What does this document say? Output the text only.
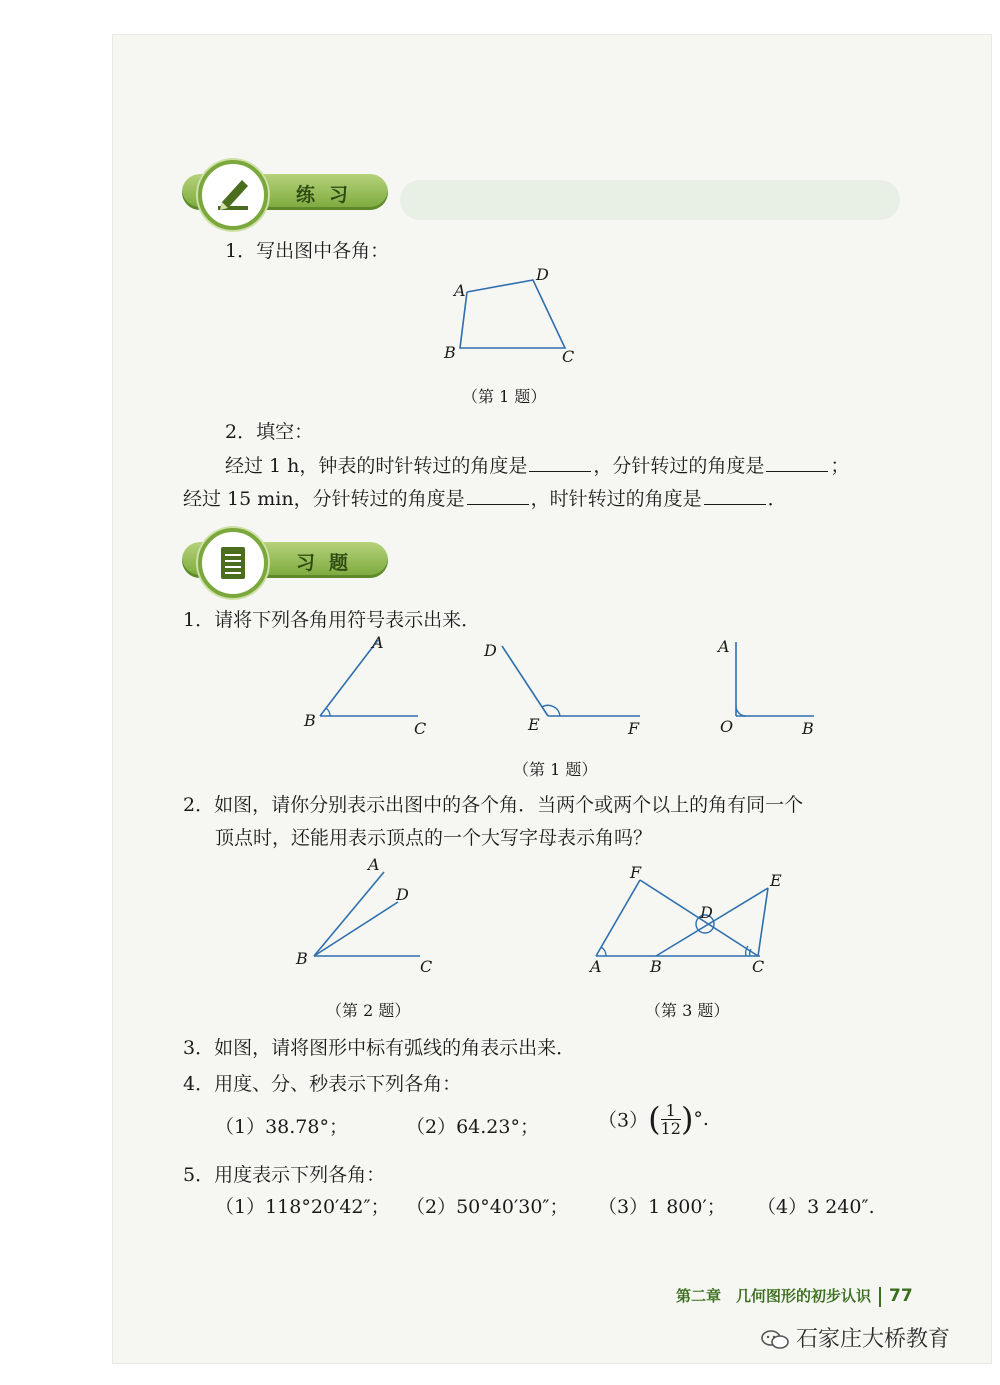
练习
1．写出图中各角：
A
D
B	C
（第 1 题）
2．填空：
经过 1 h，钟表的时针转过的角度是	，分针转过的角度是	；
经过 15 min，分针转过的角度是	，时针转过的角度是	．
习题
1．请将下列各角用符号表示出来．
A
B	C
D
E	F
A
O	B
（第 1 题）
2．如图，请你分别表示出图中的各个角．当两个或两个以上的角有同一个
顶点时，还能用表示顶点的一个大写字母表示角吗？
A
D
B	C
（第 2 题）
F	E
D
A	B	C
（第 3 题）
3．如图，请将图形中标有弧线的角表示出来．
4．用度、分、秒表示下列各角：
（1）38.78°；	（2）64.23°；	$(3)( \frac{1}{12}$ )°.
5．用度表示下列各角：
（1）118°20′42″； （2）50°40′30″； （3）1 800′； （4）3 240″.
第二章　几何图形的初步认识 77
石家庄大桥教育
